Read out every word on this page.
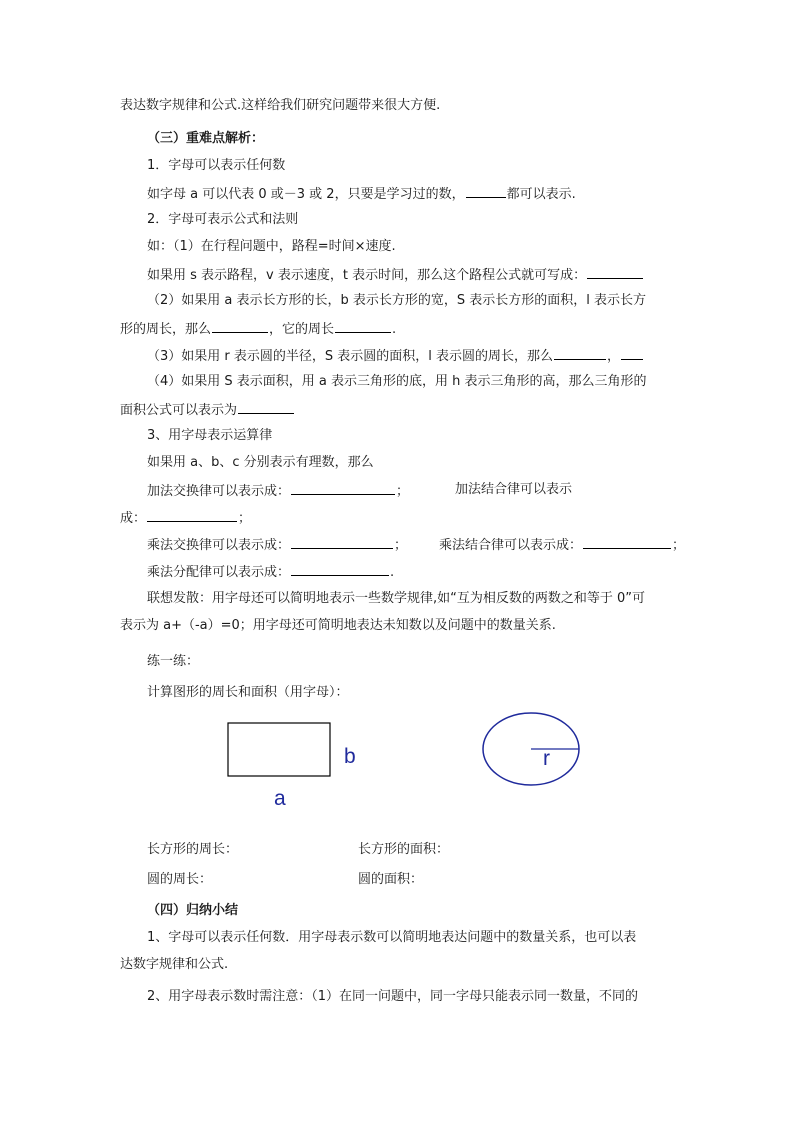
表达数字规律和公式.这样给我们研究问题带来很大方便.
（三）重难点解析：
1．字母可以表示任何数
如字母 a 可以代表 0 或－3 或 2，只要是学习过的数，	都可以表示.
2．字母可表示公式和法则
如：（1）在行程问题中，路程=时间×速度.
如果用 s 表示路程，v 表示速度，t 表示时间，那么这个路程公式就可写成：
（2）如果用 a 表示长方形的长，b 表示长方形的宽，S 表示长方形的面积，l 表示长方
形的周长，那么	，它的周长	.
（3）如果用 r 表示圆的半径，S 表示圆的面积，l 表示圆的周长，那么	，
（4）如果用 S 表示面积，用 a 表示三角形的底，用 h 表示三角形的高，那么三角形的
面积公式可以表示为
3、用字母表示运算律
如果用 a、b、c 分别表示有理数，那么
加法交换律可以表示成：	；	加法结合律可以表示
成：	；
乘法交换律可以表示成：	； 乘法结合律可以表示成：	；
乘法分配律可以表示成：	.
联想发散：用字母还可以简明地表示一些数学规律,如“互为相反数的两数之和等于 0”可
表示为 a+（-a）=0；用字母还可简明地表达未知数以及问题中的数量关系.
练一练：
计算图形的周长和面积（用字母）：
b
a
r
长方形的周长：	长方形的面积：
圆的周长：	圆的面积：
（四）归纳小结
1、字母可以表示任何数．用字母表示数可以简明地表达问题中的数量关系，也可以表
达数字规律和公式.
2、用字母表示数时需注意：（1）在同一问题中，同一字母只能表示同一数量，不同的
